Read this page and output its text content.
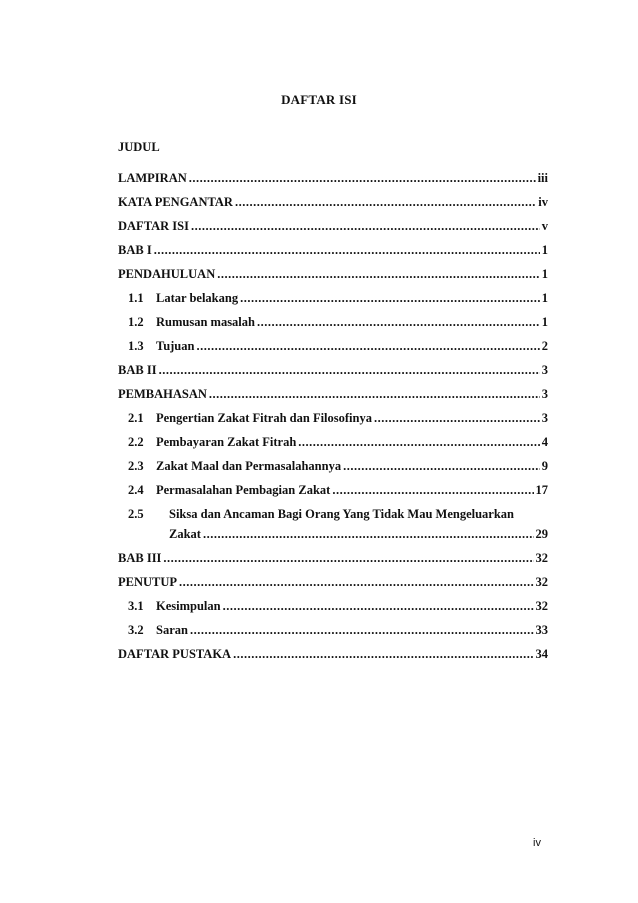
DAFTAR ISI
JUDUL
LAMPIRAN .....	iii
KATA PENGANTAR .....	iv
DAFTAR ISI .....	v
BAB I .....	1
PENDAHULUAN .....	1
1.1 Latar belakang .....	1
1.2 Rumusan masalah .....	1
1.3 Tujuan .....	2
BAB II .....	3
PEMBAHASAN .....	3
2.1 Pengertian Zakat Fitrah dan Filosofinya .....	3
2.2 Pembayaran Zakat Fitrah .....	4
2.3 Zakat Maal dan Permasalahannya .....	9
2.4 Permasalahan Pembagian Zakat .....	17
2.5	Siksa dan Ancaman Bagi Orang Yang Tidak Mau Mengeluarkan
Zakat .....	29
BAB III .....	32
PENUTUP .....	32
3.1 Kesimpulan .....	32
3.2 Saran .....	33
DAFTAR PUSTAKA .....	34
iv
